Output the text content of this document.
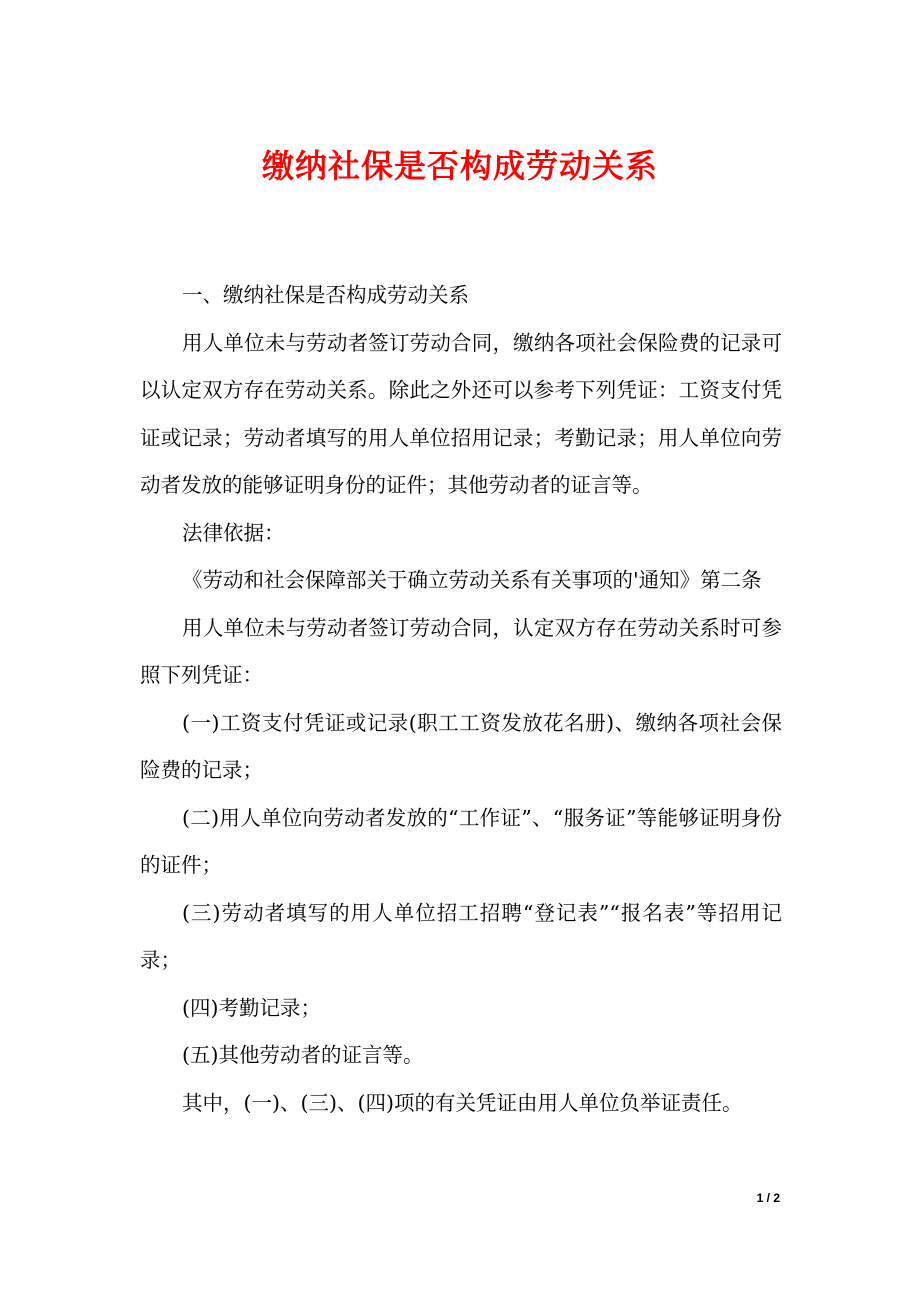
缴纳社保是否构成劳动关系

一、缴纳社保是否构成劳动关系

用人单位未与劳动者签订劳动合同，缴纳各项社会保险费的记录可以认定双方存在劳动关系。除此之外还可以参考下列凭证：工资支付凭证或记录；劳动者填写的用人单位招用记录；考勤记录；用人单位向劳动者发放的能够证明身份的证件；其他劳动者的证言等。

法律依据：

《劳动和社会保障部关于确立劳动关系有关事项的'通知》第二条

用人单位未与劳动者签订劳动合同，认定双方存在劳动关系时可参照下列凭证：

(一)工资支付凭证或记录(职工工资发放花名册)、缴纳各项社会保险费的记录；

(二)用人单位向劳动者发放的“工作证”、“服务证”等能够证明身份的证件；

(三)劳动者填写的用人单位招工招聘“登记表”“报名表”等招用记录；

(四)考勤记录；

(五)其他劳动者的证言等。

其中，(一)、(三)、(四)项的有关凭证由用人单位负举证责任。

1 / 2
